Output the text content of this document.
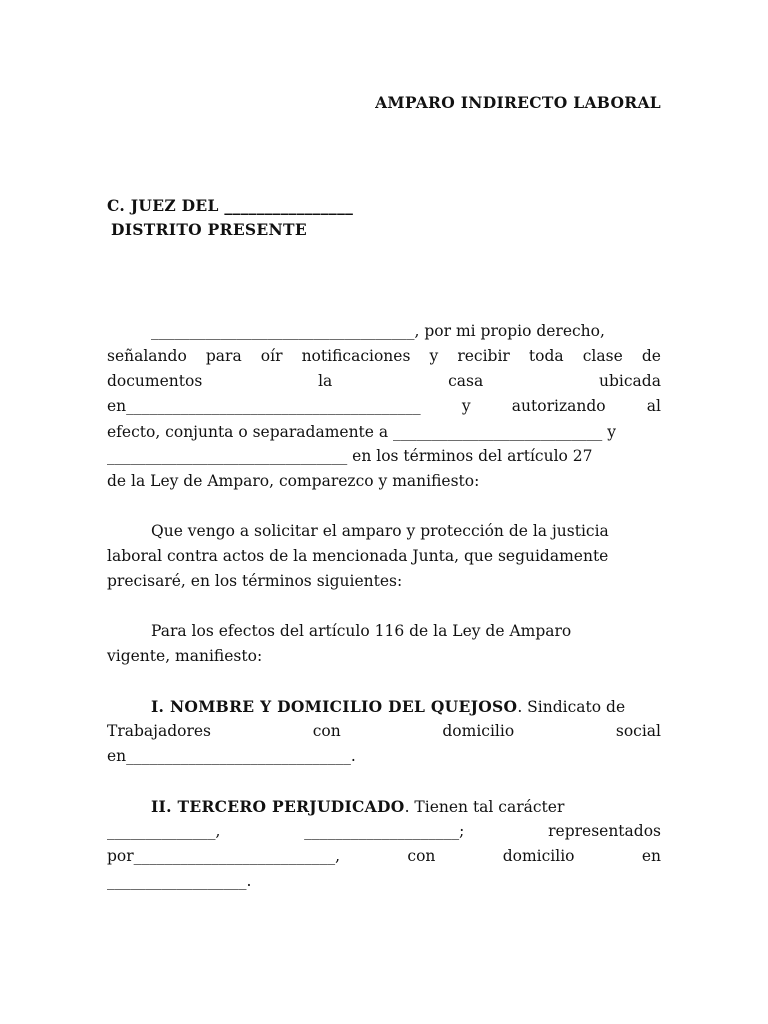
AMPARO INDIRECTO LABORAL
C. JUEZ DEL ________________
DISTRITO PRESENTE
__________________________________, por mi propio derecho,
señalando para oír notificaciones y recibir toda clase de
documentos	la	casa	ubicada
en______________________________________	y	autorizando	al
efecto, conjunta o separadamente a ___________________________ y
_______________________________ en los términos del artículo 27
de la Ley de Amparo, comparezco y manifiesto:
Que vengo a solicitar el amparo y protección de la justicia
laboral contra actos de la mencionada Junta, que seguidamente
precisaré, en los términos siguientes:
Para los efectos del artículo 116 de la Ley de Amparo
vigente, manifiesto:
I. NOMBRE Y DOMICILIO DEL QUEJOSO. Sindicato de
Trabajadores	con	domicilio	social
en_____________________________.
II. TERCERO PERJUDICADO. Tienen tal carácter
______________,	____________________;	representados
por__________________________,	con	domicilio	en
__________________.
